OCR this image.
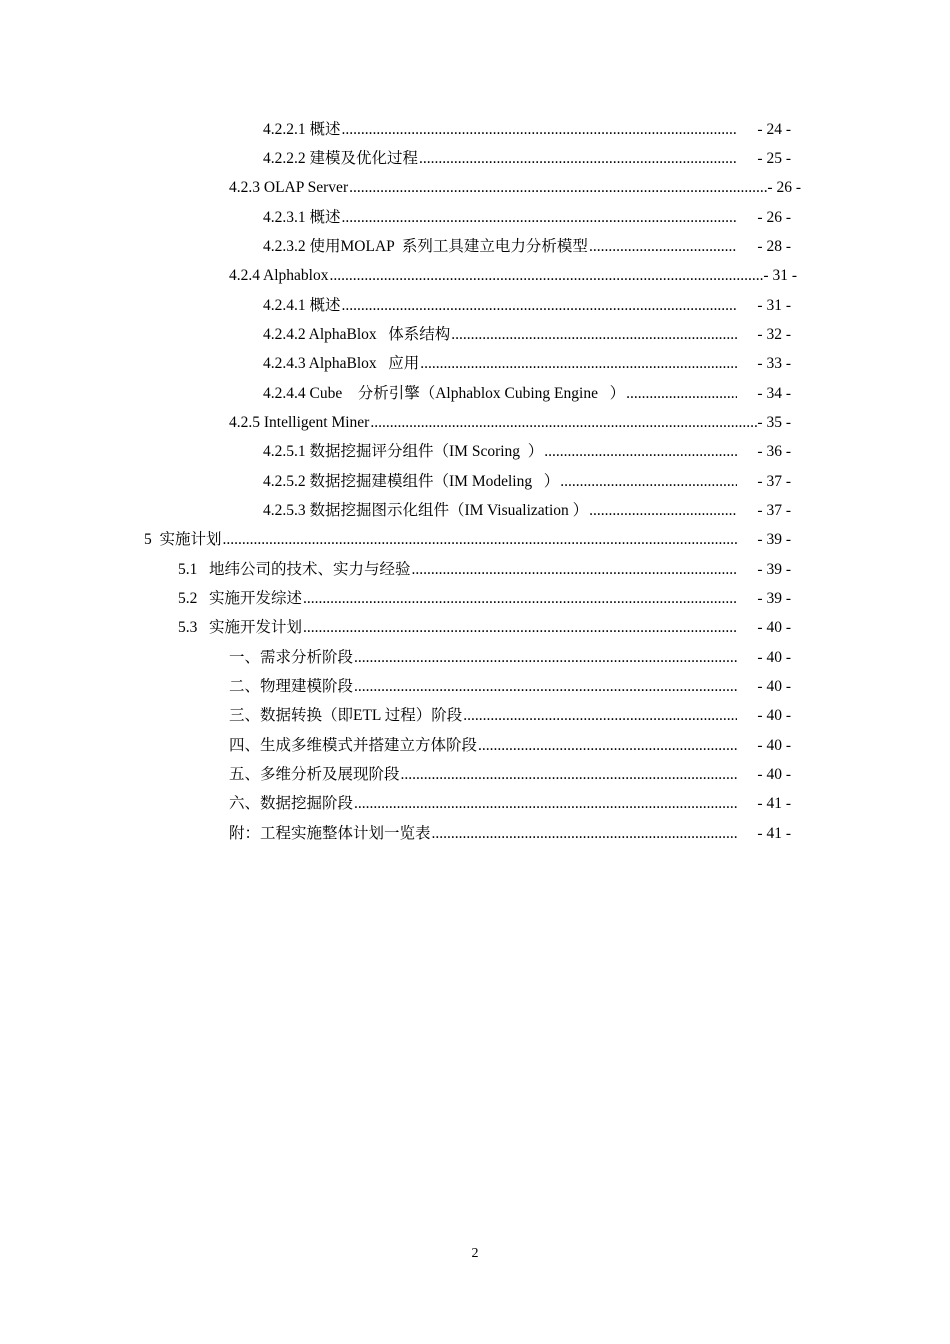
4.2.2.1 概述 .....	- 24 -
4.2.2.2 建模及优化过程 .....	- 25 -
4.2.3 OLAP Server .....	- 26 -
4.2.3.1 概述 .....	- 26 -
4.2.3.2 使用MOLAP  系列工具建立电力分析模型 .....	- 28 -
4.2.4 Alphablox .....	- 31 -
4.2.4.1 概述 .....	- 31 -
4.2.4.2 AlphaBlox   体系结构 .....	- 32 -
4.2.4.3 AlphaBlox   应用 .....	- 33 -
4.2.4.4 Cube    分析引擎（Alphablox Cubing Engine   ） .....	- 34 -
4.2.5 Intelligent Miner .....	- 35 -
4.2.5.1 数据挖掘评分组件（IM Scoring  ） .....	- 36 -
4.2.5.2 数据挖掘建模组件（IM Modeling   ） .....	- 37 -
4.2.5.3 数据挖掘图示化组件（IM Visualization ） .....	- 37 -
5  实施计划 .....	- 39 -
5.1   地纬公司的技术、实力与经验 .....	- 39 -
5.2   实施开发综述 .....	- 39 -
5.3   实施开发计划 .....	- 40 -
一、需求分析阶段 .....	- 40 -
二、物理建模阶段 .....	- 40 -
三、数据转换（即ETL 过程）阶段 .....	- 40 -
四、生成多维模式并搭建立方体阶段 .....	- 40 -
五、多维分析及展现阶段 .....	- 40 -
六、数据挖掘阶段 .....	- 41 -
附：工程实施整体计划一览表 .....	- 41 -
2
